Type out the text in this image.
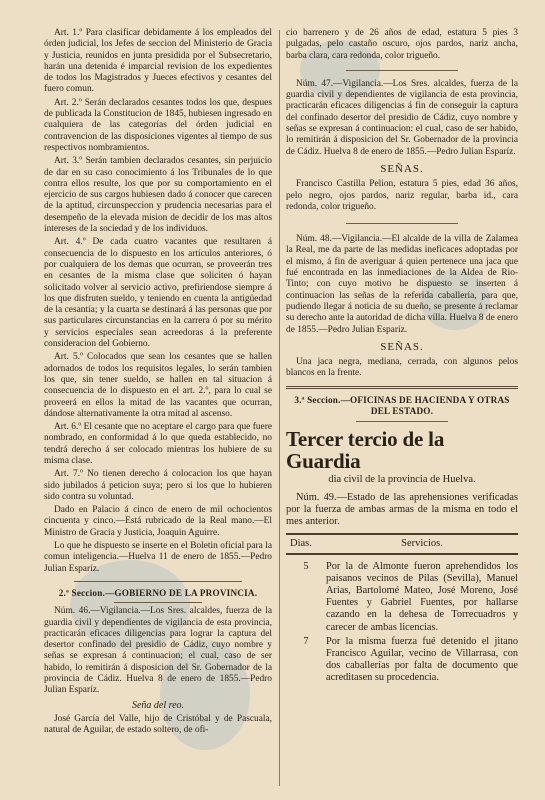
Art. 1.º Para clasificar debidamente á los empleados del órden judicial, los Jefes de seccion del Ministerio de Gracia y Justicia, reunidos en junta presidida por el Subsecretario, harán una detenida é imparcial revision de los expedientes de todos los Magistrados y Jueces efectivos y cesantes del fuero comun.

Art. 2.º Serán declarados cesantes todos los que, despues de publicada la Constitucion de 1845, hubiesen ingresado en cualquiera de las categorías del órden judicial en contravencion de las disposiciones vigentes al tiempo de sus respectivos nombramientos.

Art. 3.º Serán tambien declarados cesantes, sin perjuicio de dar en su caso conocimiento á los Tribunales de lo que contra ellos resulte, los que por su comportamiento en el ejercicio de sus cargos hubiesen dado á conocer que carecen de la aptitud, circunspeccion y prudencia necesarias para el desempeño de la elevada mision de decidir de los mas altos intereses de la sociedad y de los individuos.

Art. 4.º De cada cuatro vacantes que resultaren á consecuencia de lo dispuesto en los artículos anteriores, ó por cualquiera de los demas que ocurran, se proveerán tres en cesantes de la misma clase que soliciten ó hayan solicitado volver al servicio activo, prefiriendose siempre á los que disfruten sueldo, y teniendo en cuenta la antigüedad de la cesantía; y la cuarta se destinará á las personas que por sus particulares circunstancias en la carrera ó por su mérito y servicios especiales sean acreedoras á la preferente consideracion del Gobierno.

Art. 5.º Colocados que sean los cesantes que se hallen adornados de todos los requisitos legales, lo serán tambien los que, sin tener sueldo, se hallen en tal situacion á consecuencia de lo dispuesto en el art. 2.º, para lo cual se proveerá en ellos la mitad de las vacantes que ocurran, dándose alternativamente la otra mitad al ascenso.

Art. 6.º El cesante que no aceptare el cargo para que fuere nombrado, en conformidad á lo que queda establecido, no tendrá derecho á ser colocado mientras los hubiere de su misma clase.

Art. 7.º No tienen derecho á colocacion los que hayan sido jubilados á peticion suya; pero si los que lo hubieren sido contra su voluntad.

Dado en Palacio á cinco de enero de mil ochocientos cincuenta y cinco.—Está rubricado de la Real mano.—El Ministro de Gracia y Justicia, Joaquin Aguirre.

Lo que he dispuesto se inserte en el Boletin oficial para la comun inteligencia.—Huelva 11 de enero de 1855.—Pedro Julian Esparíz.

2.ª Seccion.—GOBIERNO DE LA PROVINCIA.

Núm. 46.—Vigilancia.—Los Sres. alcaldes, fuerza de la guardia civil y dependientes de vigilancia de esta provincia, practicarán eficaces diligencias para lograr la captura del desertor confinado del presidio de Cádiz, cuyo nombre y señas se expresan á continuacion; el cual, caso de ser habido, lo remitirán á disposicion del Sr. Gobernador de la provincia de Cádiz. Huelva 8 de enero de 1855.—Pedro Julian Esparíz.

Seña del reo.

José García del Valle, hijo de Cristóbal y de Pascuala, natural de Aguilar, de estado soltero, de ofi-

cio barrenero y de 26 años de edad, estatura 5 pies 3 pulgadas, pelo castaño oscuro, ojos pardos, nariz ancha, barba clara, cara redonda, color trigueño.

Núm. 47.—Vigilancia.—Los Sres. alcaldes, fuerza de la guardia civil y dependientes de vigilancia de esta provincia, practicarán eficaces diligencias á fin de conseguir la captura del confinado desertor del presidio de Cádiz, cuyo nombre y señas se expresan á continuacion: el cual, caso de ser habido, lo remitirán á disposicion del Sr. Gobernador de la provincia de Cádiz. Huelva 8 de enero de 1855.—Pedro Julian Esparíz.

SEÑAS.

Francisco Castilla Pelion, estatura 5 pies, edad 36 años, pelo negro, ojos pardos, nariz regular, barba id., cara redonda, color trigueño.

Núm. 48.—Vigilancia.—El alcalde de la villa de Zalamea la Real, me da parte de las medidas ineficaces adoptadas por el mismo, á fin de averiguar á quien pertenece una jaca que fué encontrada en las inmediaciones de la Aldea de Rio-Tinto; con cuyo motivo he dispuesto se inserten á continuacion las señas de la referida caballería, para que, pudiendo llegar á noticia de su dueño, se presente á reclamar su derecho ante la autoridad de dicha villa. Huelva 8 de enero de 1855.—Pedro Julian Esparíz.

SEÑAS.

Una jaca negra, mediana, cerrada, con algunos pelos blancos en la frente.

3.ª Seccion.—OFICINAS DE HACIENDA Y OTRAS DEL ESTADO.
Tercer tercio de la Guardia
dia civil de la provincia de Huelva.

Núm. 49.—Estado de las aprehensiones verificadas por la fuerza de ambas armas de la misma en todo el mes anterior.

Dias.	Servicios.
5	Por la de Almonte fueron aprehendidos los paisanos vecinos de Pilas (Sevilla), Manuel Arias, Bartolomé Mateo, José Moreno, José Fuentes y Gabriel Fuentes, por hallarse cazando en la dehesa de Torrecuadros y carecer de ambas licencias.
7	Por la misma fuerza fué detenido el jitano Francisco Aguilar, vecino de Villarrasa, con dos caballerías por falta de documento que acreditasen su procedencia.
